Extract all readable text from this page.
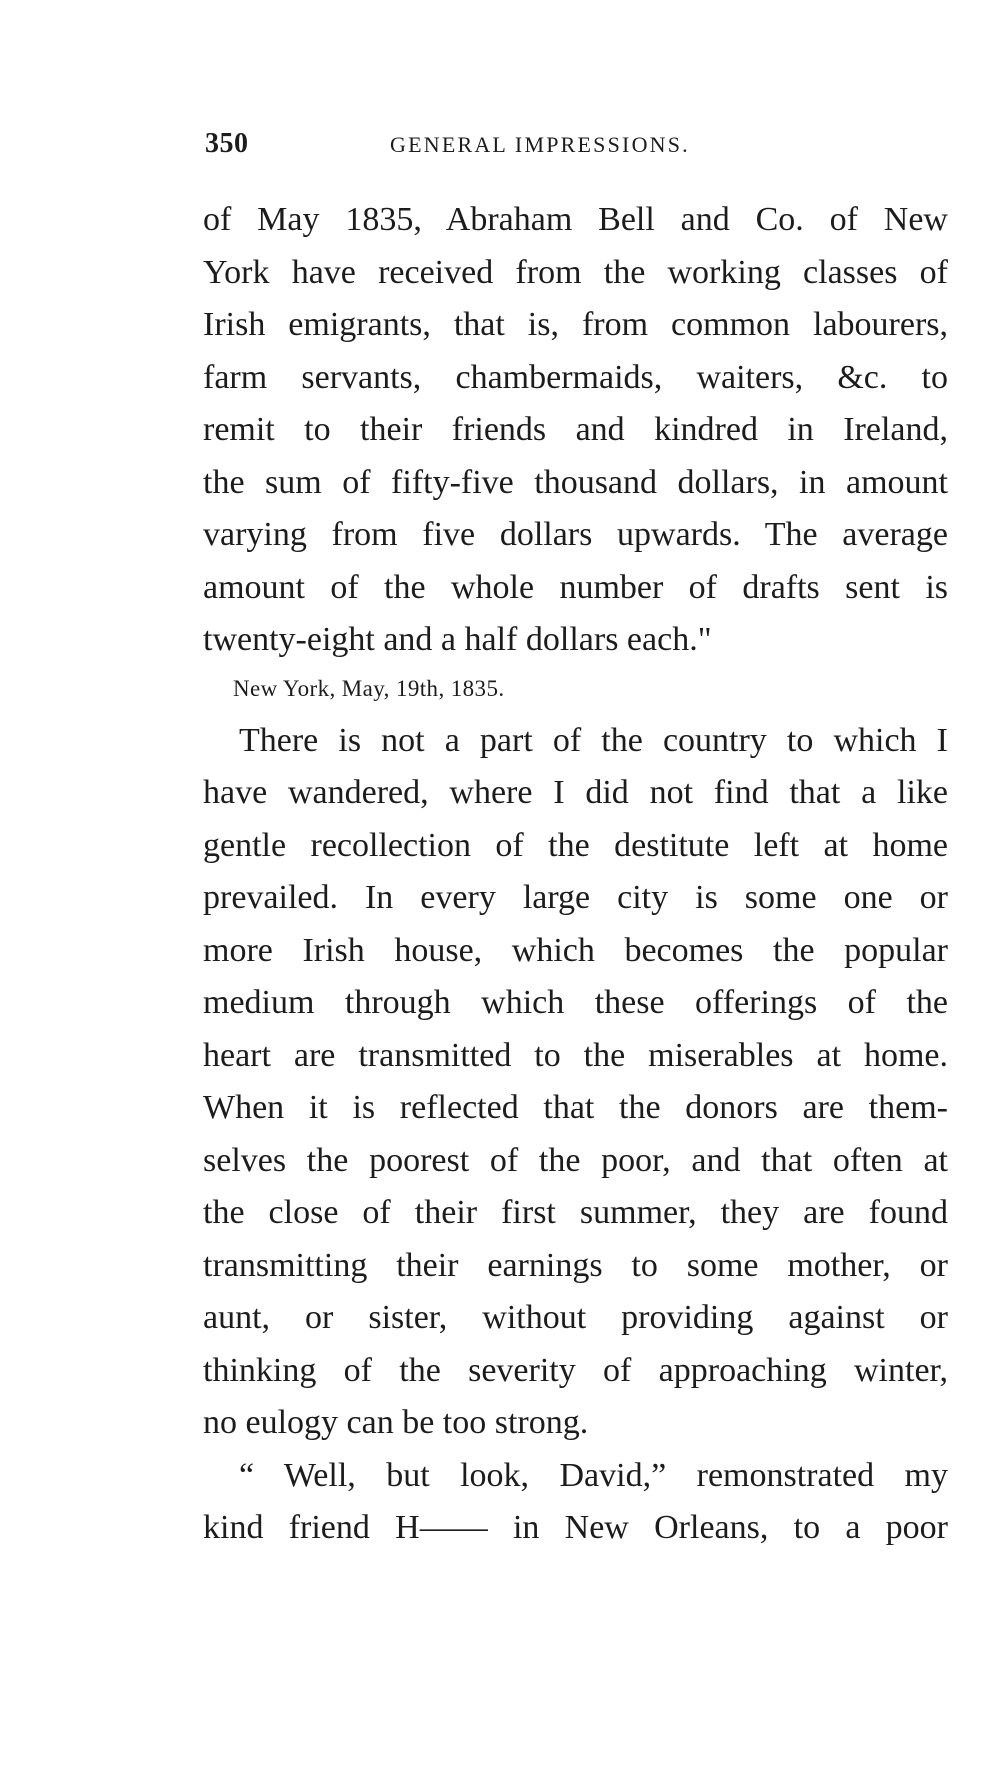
350	GENERAL IMPRESSIONS.
of May 1835, Abraham Bell and Co. of New
York have received from the working classes of
Irish emigrants, that is, from common labourers,
farm servants, chambermaids, waiters, &c. to
remit to their friends and kindred in Ireland,
the sum of fifty-five thousand dollars, in amount
varying from five dollars upwards. The average
amount of the whole number of drafts sent is
twenty-eight and a half dollars each."
New York, May, 19th, 1835.
There is not a part of the country to which I
have wandered, where I did not find that a like
gentle recollection of the destitute left at home
prevailed. In every large city is some one or
more Irish house, which becomes the popular
medium through which these offerings of the
heart are transmitted to the miserables at home.
When it is reflected that the donors are them-
selves the poorest of the poor, and that often at
the close of their first summer, they are found
transmitting their earnings to some mother, or
aunt, or sister, without providing against or
thinking of the severity of approaching winter,
no eulogy can be too strong.
“ Well, but look, David,” remonstrated my
kind friend H—— in New Orleans, to a poor
